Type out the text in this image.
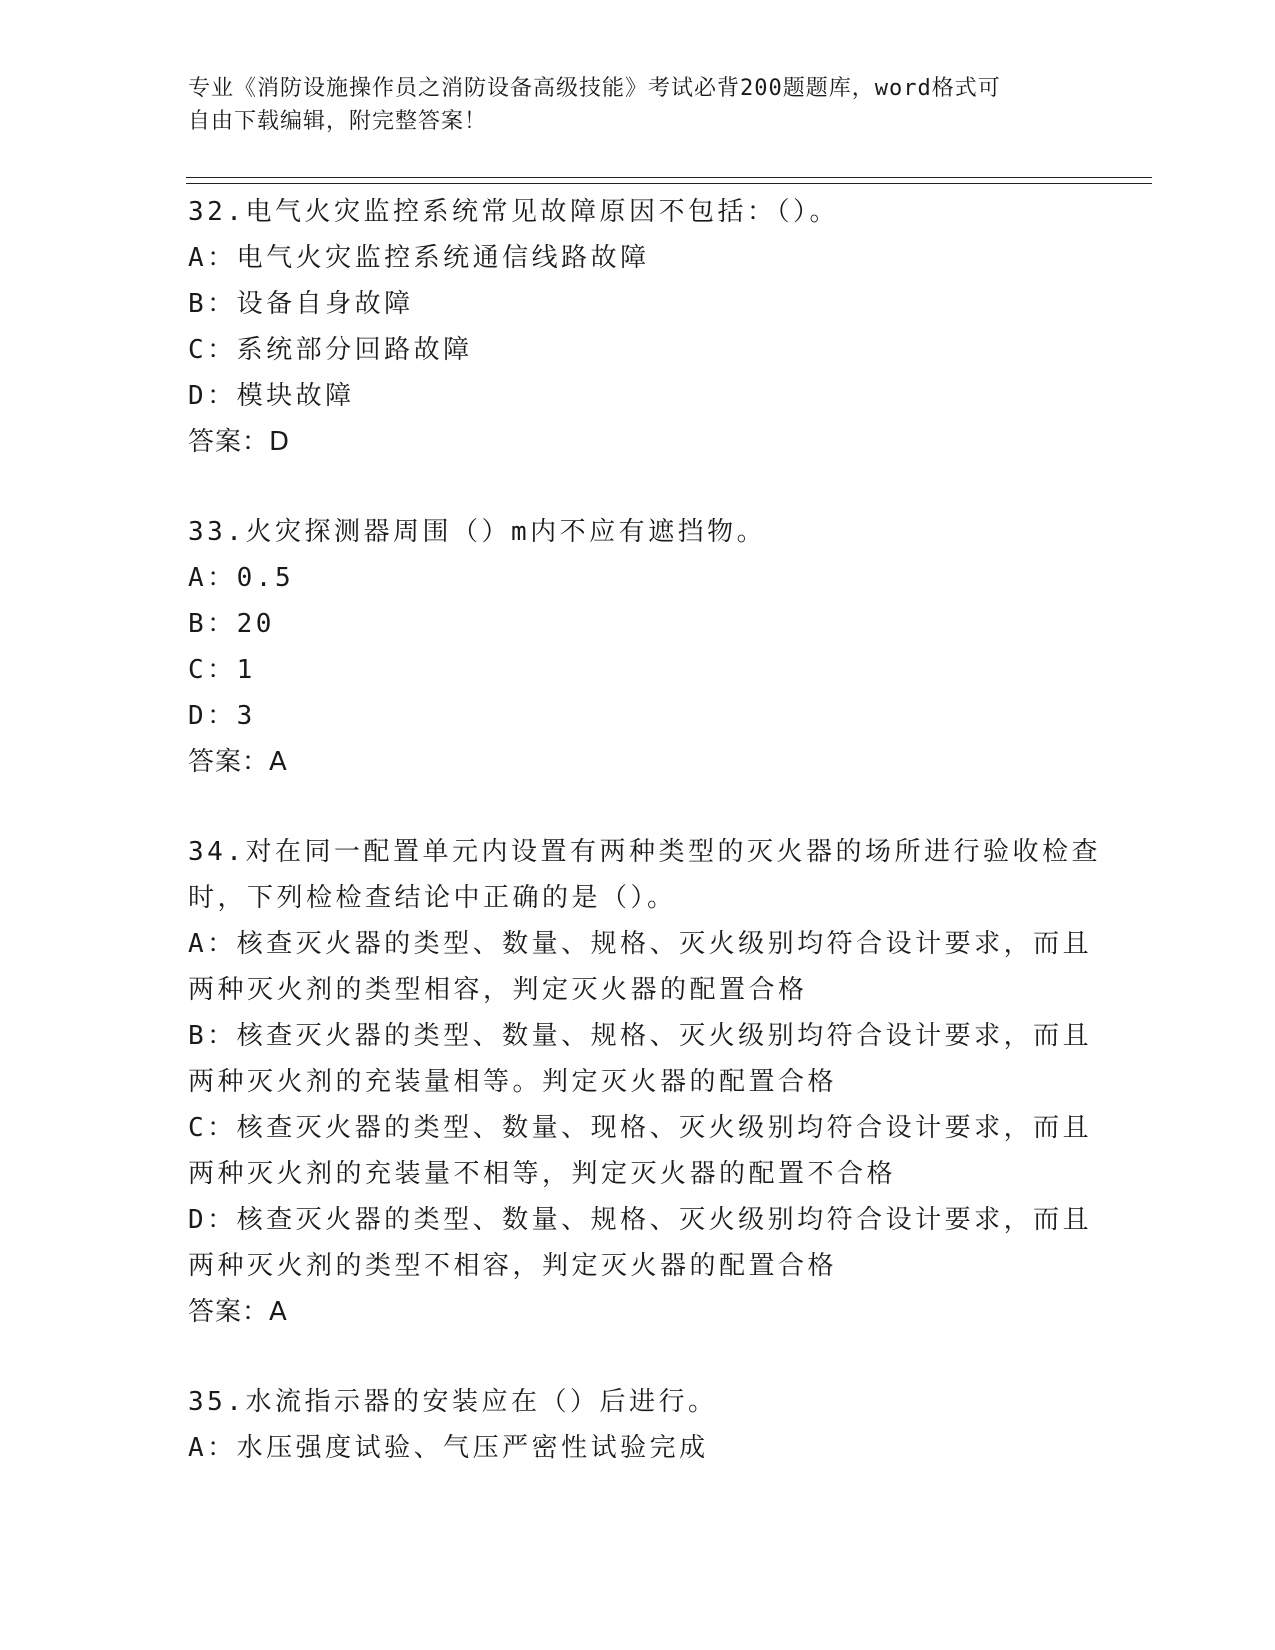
专业《消防设施操作员之消防设备高级技能》考试必背200题题库，word格式可
自由下载编辑，附完整答案！
32.电气火灾监控系统常见故障原因不包括：（）。
A：电气火灾监控系统通信线路故障
B：设备自身故障
C：系统部分回路故障
D：模块故障
答案：D
33.火灾探测器周围（）m内不应有遮挡物。
A：0.5
B：20
C：1
D：3
答案：A
34.对在同一配置单元内设置有两种类型的灭火器的场所进行验收检查
时，下列检检查结论中正确的是（）。
A：核查灭火器的类型、数量、规格、灭火级别均符合设计要求，而且
两种灭火剂的类型相容，判定灭火器的配置合格
B：核查灭火器的类型、数量、规格、灭火级别均符合设计要求，而且
两种灭火剂的充装量相等。判定灭火器的配置合格
C：核查灭火器的类型、数量、现格、灭火级别均符合设计要求，而且
两种灭火剂的充装量不相等，判定灭火器的配置不合格
D：核查灭火器的类型、数量、规格、灭火级别均符合设计要求，而且
两种灭火剂的类型不相容，判定灭火器的配置合格
答案：A
35.水流指示器的安装应在（）后进行。
A：水压强度试验、气压严密性试验完成
